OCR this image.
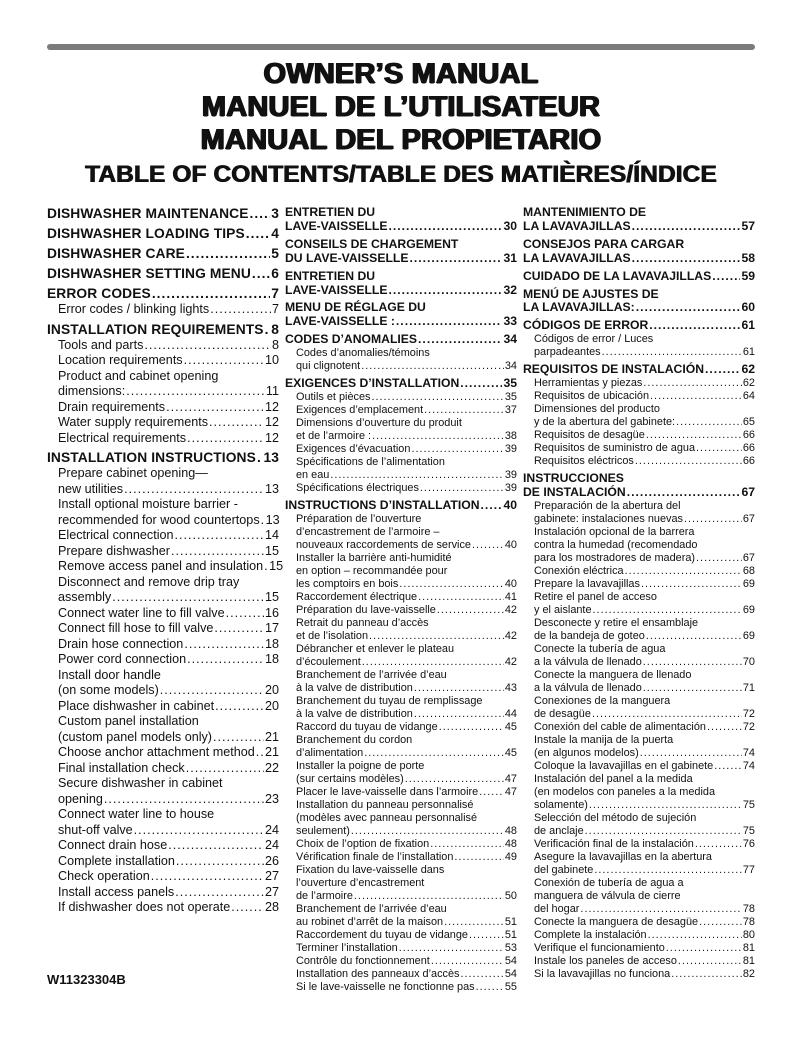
OWNER’S MANUAL
MANUEL DE L’UTILISATEUR
MANUAL DEL PROPIETARIO
TABLE OF CONTENTS/TABLE DES MATIÈRES/ÍNDICE
DISHWASHER MAINTENANCE ..... 3
DISHWASHER LOADING TIPS ..... 4
DISHWASHER CARE .....	5
DISHWASHER SETTING MENU ..... 6
ERROR CODES .....	7
Error codes / blinking lights .....	7
INSTALLATION REQUIREMENTS ..... 8
Tools and parts .....	8
Location requirements .....	10
Product and cabinet opening
dimensions: .....	11
Drain requirements .....	12
Water supply requirements .....	12
Electrical requirements .....	12
INSTALLATION INSTRUCTIONS ..... 13
Prepare cabinet opening—
new utilities .....	13
Install optional moisture barrier -
recommended for wood countertops ..... 13
Electrical connection .....	14
Prepare dishwasher .....	15
Remove access panel and insulation ..... 15
Disconnect and remove drip tray
assembly .....	15
Connect water line to fill valve .....	16
Connect fill hose to fill valve .....	17
Drain hose connection .....	18
Power cord connection .....	18
Install door handle
(on some models) .....	20
Place dishwasher in cabinet .....	20
Custom panel installation
(custom panel models only) .....	21
Choose anchor attachment method ..... 21
Final installation check .....	22
Secure dishwasher in cabinet
opening .....	23
Connect water line to house
shut-off valve .....	24
Connect drain hose .....	24
Complete installation .....	26
Check operation .....	27
Install access panels .....	27
If dishwasher does not operate .....	28
ENTRETIEN DU
LAVE-VAISSELLE .....	30
CONSEILS DE CHARGEMENT
DU LAVE-VAISSELLE .....	31
ENTRETIEN DU
LAVE-VAISSELLE .....	32
MENU DE RÉGLAGE DU
LAVE-VAISSELLE : .....	33
CODES D’ANOMALIES .....	34
Codes d’anomalies/témoins
qui clignotent .....	34
EXIGENCES D’INSTALLATION .....	35
Outils et pièces .....	35
Exigences d’emplacement .....	37
Dimensions d’ouverture du produit
et de l’armoire : .....	38
Exigences d’évacuation .....	39
Spécifications de l’alimentation
en eau .....	39
Spécifications électriques .....	39
INSTRUCTIONS D’INSTALLATION ..... 40
Préparation de l’ouverture
d’encastrement de l’armoire –
nouveaux raccordements de service .....	40
Installer la barrière anti-humidité
en option – recommandée pour
les comptoirs en bois .....	40
Raccordement électrique .....	41
Préparation du lave-vaisselle .....	42
Retrait du panneau d’accès
et de l’isolation .....	42
Débrancher et enlever le plateau
d’écoulement .....	42
Branchement de l’arrivée d’eau
à la valve de distribution .....	43
Branchement du tuyau de remplissage
à la valve de distribution .....	44
Raccord du tuyau de vidange .....	45
Branchement du cordon
d’alimentation .....	45
Installer la poigne de porte
(sur certains modèles) .....	47
Placer le lave-vaisselle dans l’armoire ..... 47
Installation du panneau personnalisé
(modèles avec panneau personnalisé
seulement) .....	48
Choix de l’option de fixation .....	48
Vérification finale de l’installation .....	49
Fixation du lave-vaisselle dans
l’ouverture d’encastrement
de l’armoire .....	50
Branchement de l’arrivée d’eau
au robinet d’arrêt de la maison .....	51
Raccordement du tuyau de vidange .....	51
Terminer l’installation .....	53
Contrôle du fonctionnement .....	54
Installation des panneaux d’accès .....	54
Si le lave-vaisselle ne fonctionne pas .....	55
MANTENIMIENTO DE
LA LAVAVAJILLAS .....	57
CONSEJOS PARA CARGAR
LA LAVAVAJILLAS .....	58
CUIDADO DE LA LAVAVAJILLAS ..... 59
MENÚ DE AJUSTES DE
LA LAVAVAJILLAS: .....	60
CÓDIGOS DE ERROR .....	61
Códigos de error / Luces
parpadeantes .....	61
REQUISITOS DE INSTALACIÓN .....	62
Herramientas y piezas .....	62
Requisitos de ubicación .....	64
Dimensiones del producto
y de la abertura del gabinete: .....	65
Requisitos de desagüe .....	66
Requisitos de suministro de agua .....	66
Requisitos eléctricos .....	66
INSTRUCCIONES
DE INSTALACIÓN .....	67
Preparación de la abertura del
gabinete: instalaciones nuevas .....	67
Instalación opcional de la barrera
contra la humedad (recomendado
para los mostradores de madera) .....	67
Conexión eléctrica .....	68
Prepare la lavavajillas .....	69
Retire el panel de acceso
y el aislante .....	69
Desconecte y retire el ensamblaje
de la bandeja de goteo .....	69
Conecte la tubería de agua
a la válvula de llenado .....	70
Conecte la manguera de llenado
a la válvula de llenado .....	71
Conexiones de la manguera
de desagüe .....	72
Conexión del cable de alimentación .....	72
Instale la manija de la puerta
(en algunos modelos) .....	74
Coloque la lavavajillas en el gabinete .....	74
Instalación del panel a la medida
(en modelos con paneles a la medida
solamente) .....	75
Selección del método de sujeción
de anclaje .....	75
Verificación final de la instalación .....	76
Asegure la lavavajillas en la abertura
del gabinete .....	77
Conexión de tubería de agua a
manguera de válvula de cierre
del hogar .....	78
Conecte la manguera de desagüe .....	78
Complete la instalación .....	80
Verifique el funcionamiento .....	81
Instale los paneles de acceso .....	81
Si la lavavajillas no funciona .....	82
W11323304B
